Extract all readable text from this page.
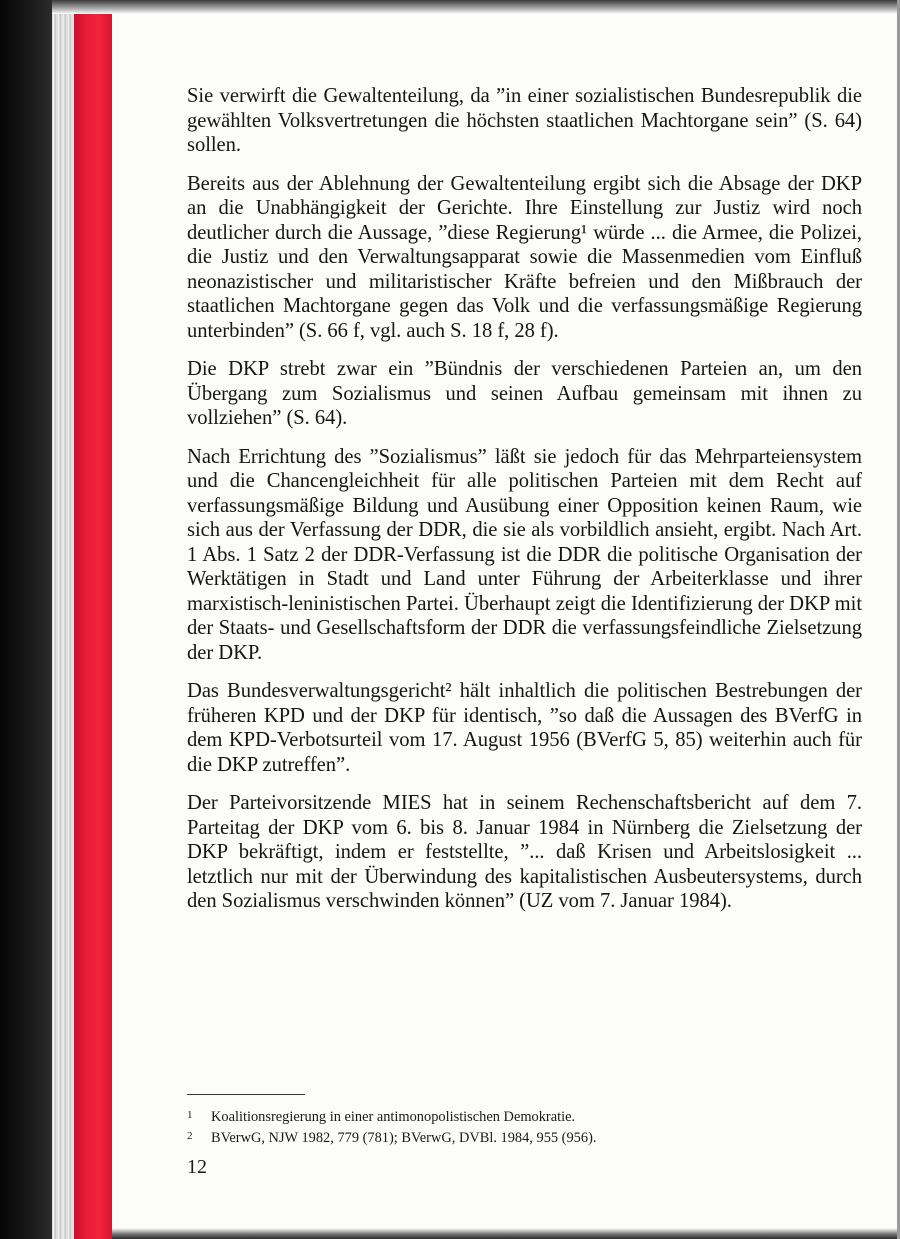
Sie verwirft die Gewaltenteilung, da ”in einer sozialistischen Bundesrepublik die gewählten Volksvertretungen die höchsten staatlichen Machtorgane sein” (S. 64) sollen.

Bereits aus der Ablehnung der Gewaltenteilung ergibt sich die Absage der DKP an die Unabhängigkeit der Gerichte. Ihre Einstellung zur Justiz wird noch deutlicher durch die Aussage, ”diese Regierung¹ würde ... die Armee, die Polizei, die Justiz und den Verwaltungsapparat sowie die Massenmedien vom Einfluß neonazistischer und militaristischer Kräfte befreien und den Mißbrauch der staatlichen Machtorgane gegen das Volk und die verfassungsmäßige Regierung unterbinden” (S. 66 f, vgl. auch S. 18 f, 28 f).

Die DKP strebt zwar ein ”Bündnis der verschiedenen Parteien an, um den Übergang zum Sozialismus und seinen Aufbau gemeinsam mit ihnen zu vollziehen” (S. 64).

Nach Errichtung des ”Sozialismus” läßt sie jedoch für das Mehrparteiensystem und die Chancengleichheit für alle politischen Parteien mit dem Recht auf verfassungsmäßige Bildung und Ausübung einer Opposition keinen Raum, wie sich aus der Verfassung der DDR, die sie als vorbildlich ansieht, ergibt. Nach Art. 1 Abs. 1 Satz 2 der DDR-Verfassung ist die DDR die politische Organisation der Werktätigen in Stadt und Land unter Führung der Arbeiterklasse und ihrer marxistisch-leninistischen Partei. Überhaupt zeigt die Identifizierung der DKP mit der Staats- und Gesellschaftsform der DDR die verfassungsfeindliche Zielsetzung der DKP.

Das Bundesverwaltungsgericht² hält inhaltlich die politischen Bestrebungen der früheren KPD und der DKP für identisch, ”so daß die Aussagen des BVerfG in dem KPD-Verbotsurteil vom 17. August 1956 (BVerfG 5, 85) weiterhin auch für die DKP zutreffen”.

Der Parteivorsitzende MIES hat in seinem Rechenschaftsbericht auf dem 7. Parteitag der DKP vom 6. bis 8. Januar 1984 in Nürnberg die Zielsetzung der DKP bekräftigt, indem er feststellte, ”... daß Krisen und Arbeitslosigkeit ... letztlich nur mit der Überwindung des kapitalistischen Ausbeutersystems, durch den Sozialismus verschwinden können” (UZ vom 7. Januar 1984).

1	Koalitionsregierung in einer antimonopolistischen Demokratie.
2	BVerwG, NJW 1982, 779 (781); BVerwG, DVBl. 1984, 955 (956).
12
